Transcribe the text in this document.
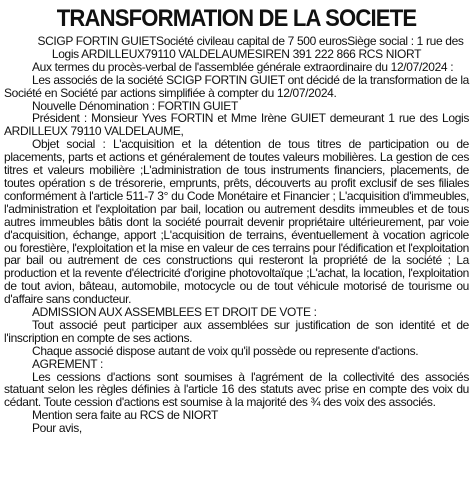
TRANSFORMATION DE LA SOCIETE

SCIGP FORTIN GUIETSociété civileau capital de 7 500 eurosSiège social : 1 rue des Logis ARDILLEUX79110 VALDELAUMESIREN 391 222 866 RCS NIORT

Aux termes du procès-verbal de l'assemblée générale extraordinaire du 12/07/2024 :

Les associés de la société SCIGP FORTIN GUIET ont décidé de la transformation de la Société en Société par actions simplifiée à compter du 12/07/2024.

Nouvelle Dénomination : FORTIN GUIET

Président : Monsieur Yves FORTIN et Mme Irène GUIET demeurant 1 rue des Logis ARDILLEUX 79110 VALDELAUME,

Objet social : L'acquisition et la détention de tous titres de participation ou de placements, parts et actions et généralement de toutes valeurs mobilières. La gestion de ces titres et valeurs mobilière ;L'administration de tous instruments financiers, placements, de toutes opération s de trésorerie, emprunts, prêts, découverts au profit exclusif de ses filiales conformément à l'article 511-7 3° du Code Monétaire et Financier ; L'acquisition d'immeubles, l'administration et l'exploitation par bail, location ou autrement desdits immeubles et de tous autres immeubles bâtis dont la société pourrait devenir propriétaire ultérieurement, par voie d'acquisition, échange, apport ;L'acquisition de terrains, éventuellement à vocation agricole ou forestière, l'exploitation et la mise en valeur de ces terrains pour l'édification et l'exploitation par bail ou autrement de ces constructions qui resteront la propriété de la société ; La production et la revente d'électricité d'origine photovoltaïque ;L'achat, la location, l'exploitation de tout avion, bâteau, automobile, motocycle ou de tout véhicule motorisé de tourisme ou d'affaire sans conducteur.

ADMISSION AUX ASSEMBLEES ET DROIT DE VOTE :

Tout associé peut participer aux assemblées sur justification de son identité et de l'inscription en compte de ses actions.

Chaque associé dispose autant de voix qu'il possède ou represente d'actions.

AGREMENT :

Les cessions d'actions sont soumises à l'agrément de la collectivité des associés statuant selon les règles définies à l'article 16 des statuts avec prise en compte des voix du cédant. Toute cession d'actions est soumise à la majorité des ¾ des voix des associés.

Mention sera faite au RCS de NIORT

Pour avis,
